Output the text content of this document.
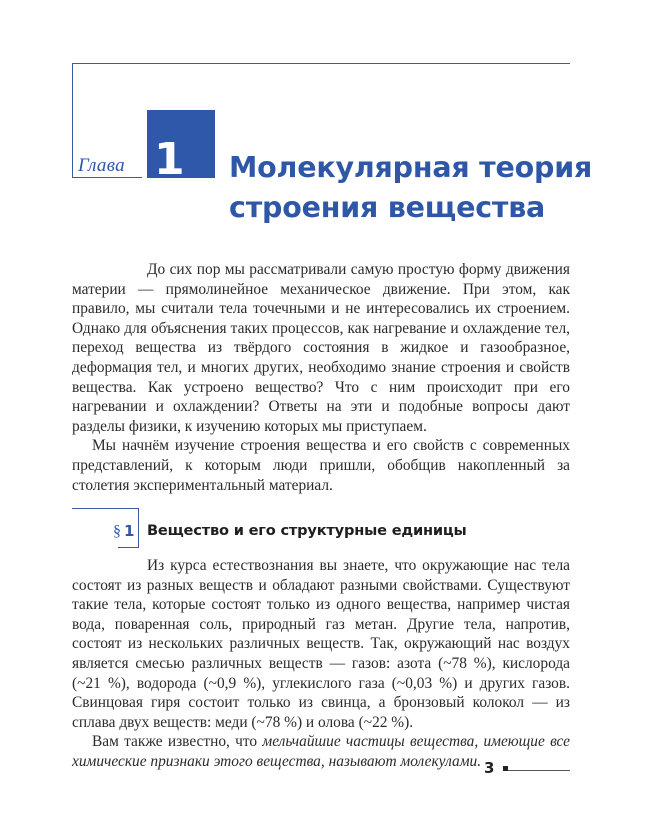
Глава 1 Молекулярная теория
строения вещества

До сих пор мы рассматривали самую простую форму движения материи — прямолинейное механическое движение. При этом, как правило, мы считали тела точечными и не интересовались их строением. Однако для объяснения таких процессов, как нагревание и охлаждение тел, переход вещества из твёрдого состояния в жидкое и газообразное, деформация тел, и многих других, необходимо знание строения и свойств вещества. Как устроено вещество? Что с ним происходит при его нагревании и охлаждении? Ответы на эти и подобные вопросы дают разделы физики, к изучению которых мы приступаем.

Мы начнём изучение строения вещества и его свойств с современных представлений, к которым люди пришли, обобщив накопленный за столетия экспериментальный материал.

§ 1 Вещество и его структурные единицы

Из курса естествознания вы знаете, что окружающие нас тела состоят из разных веществ и обладают разными свойствами. Существуют такие тела, которые состоят только из одного вещества, например чистая вода, поваренная соль, природный газ метан. Другие тела, напротив, состоят из нескольких различных веществ. Так, окружающий нас воздух является смесью различных веществ — газов: азота (~78 %), кислорода (~21 %), водорода (~0,9 %), углекислого газа (~0,03 %) и других газов. Свинцовая гиря состоит только из свинца, а бронзовый колокол — из сплава двух веществ: меди (~78 %) и олова (~22 %).

Вам также известно, что мельчайшие частицы вещества, имеющие все химические признаки этого вещества, называют молекулами. 3
